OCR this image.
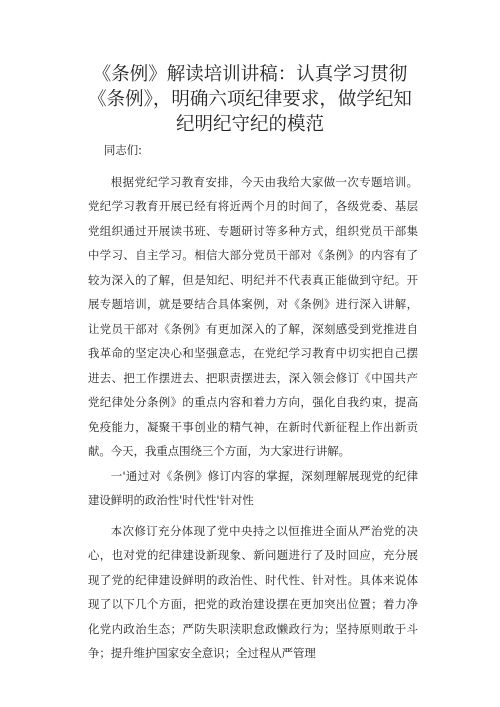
《条例》解读培训讲稿：认真学习贯彻
《条例》，明确六项纪律要求，做学纪知
纪明纪守纪的模范

同志们:

根据党纪学习教育安排，今天由我给大家做一次专题培训。党纪学习教育开展已经有将近两个月的时间了，各级党委、基层党组织通过开展读书班、专题研讨等多种方式，组织党员干部集中学习、自主学习。相信大部分党员干部对《条例》的内容有了较为深入的了解，但是知纪、明纪并不代表真正能做到守纪。开展专题培训，就是要结合具体案例，对《条例》进行深入讲解，让党员干部对《条例》有更加深入的了解，深刻感受到党推进自我革命的坚定决心和坚强意志，在党纪学习教育中切实把自己摆进去、把工作摆进去、把职责摆进去，深入领会修订《中国共产党纪律处分条例》的重点内容和着力方向，强化自我约束，提高免疫能力，凝聚干事创业的精气神，在新时代新征程上作出新贡献。今天，我重点围绕三个方面，为大家进行讲解。

一'通过对《条例》修订内容的掌握，深刻理解展现党的纪律建设鲜明的政治性'时代性'针对性

本次修订充分体现了党中央持之以恒推进全面从严治党的决心，也对党的纪律建设新现象、新问题进行了及时回应，充分展现了党的纪律建设鲜明的政治性、时代性、针对性。具体来说体现了以下几个方面，把党的政治建设摆在更加突出位置；着力净化党内政治生态；严防失职渎职怠政懒政行为；坚持原则敢于斗争；提升维护国家安全意识；全过程从严管理
